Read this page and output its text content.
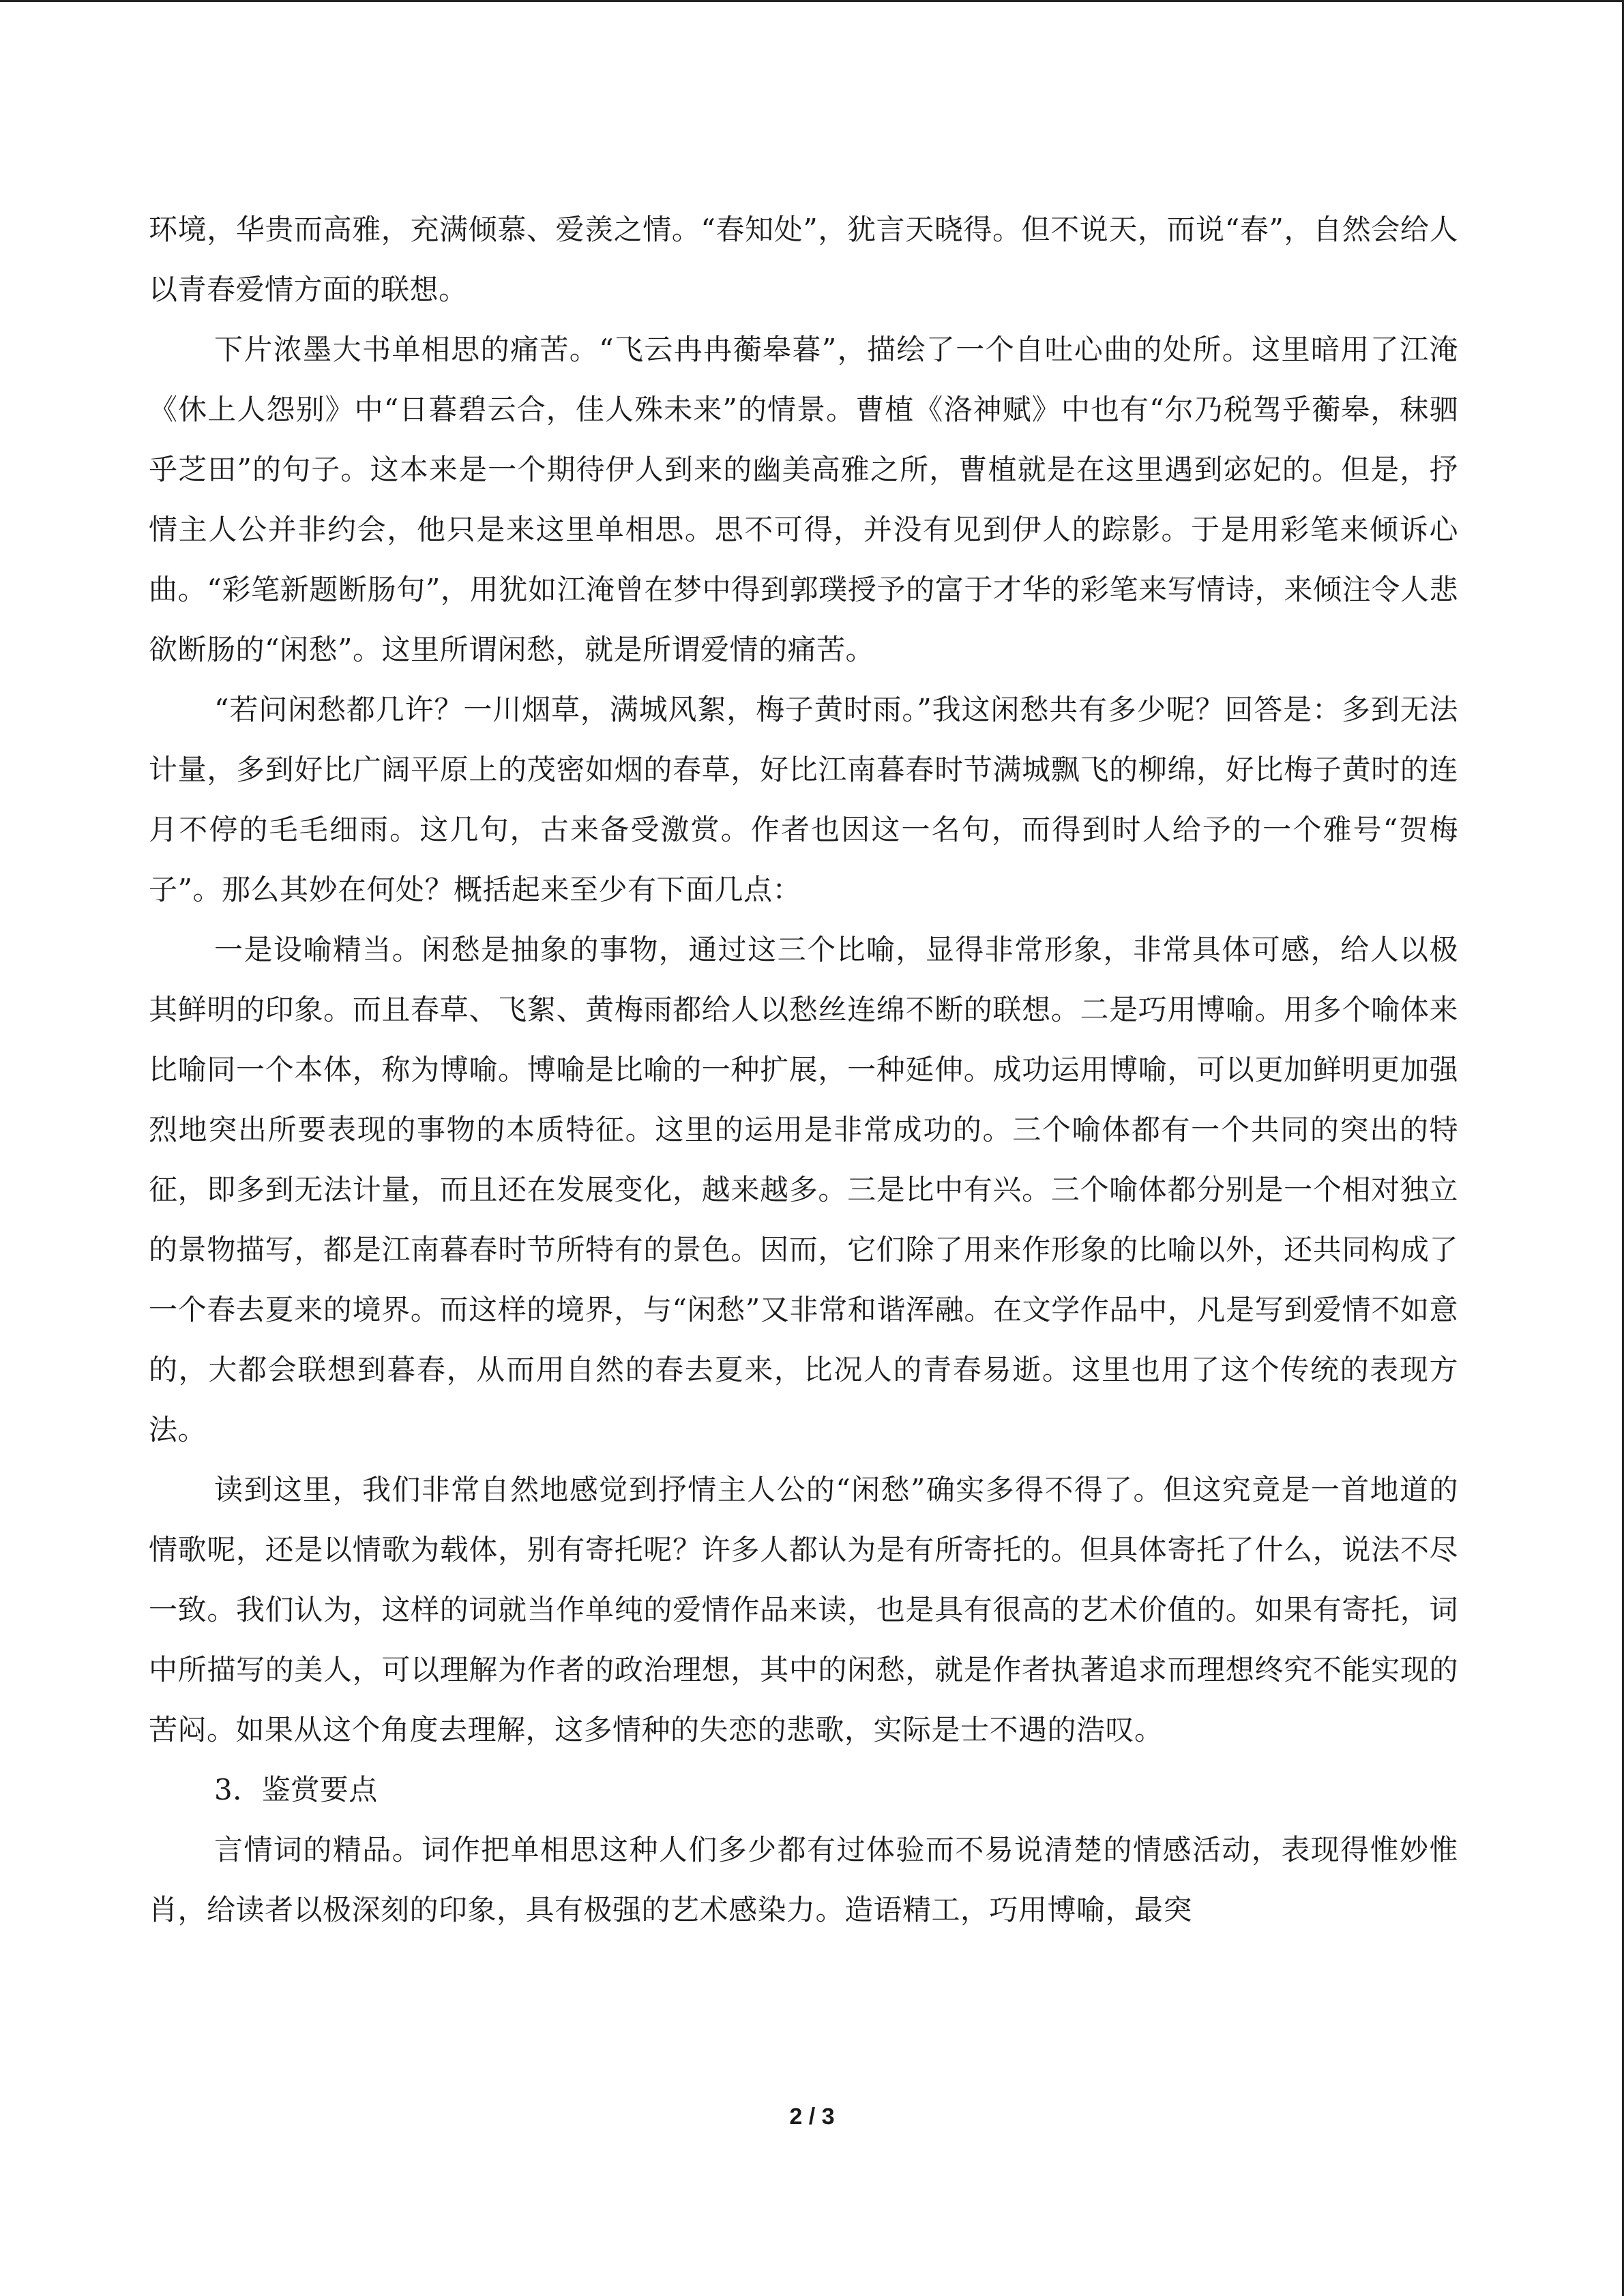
环境，华贵而高雅，充满倾慕、爱羡之情。“春知处”，犹言天晓得。但不说天，而说“春”，自然会给人以青春爱情方面的联想。

下片浓墨大书单相思的痛苦。“飞云冉冉蘅皋暮”，描绘了一个自吐心曲的处所。这里暗用了江淹《休上人怨别》中“日暮碧云合，佳人殊未来”的情景。曹植《洛神赋》中也有“尔乃税驾乎蘅皋，秣驷乎芝田”的句子。这本来是一个期待伊人到来的幽美高雅之所，曹植就是在这里遇到宓妃的。但是，抒情主人公并非约会，他只是来这里单相思。思不可得，并没有见到伊人的踪影。于是用彩笔来倾诉心曲。“彩笔新题断肠句”，用犹如江淹曾在梦中得到郭璞授予的富于才华的彩笔来写情诗，来倾注令人悲欲断肠的“闲愁”。这里所谓闲愁，就是所谓爱情的痛苦。

“若问闲愁都几许？一川烟草，满城风絮，梅子黄时雨。”我这闲愁共有多少呢？回答是：多到无法计量，多到好比广阔平原上的茂密如烟的春草，好比江南暮春时节满城飘飞的柳绵，好比梅子黄时的连月不停的毛毛细雨。这几句，古来备受激赏。作者也因这一名句，而得到时人给予的一个雅号“贺梅子”。那么其妙在何处？概括起来至少有下面几点：

一是设喻精当。闲愁是抽象的事物，通过这三个比喻，显得非常形象，非常具体可感，给人以极其鲜明的印象。而且春草、飞絮、黄梅雨都给人以愁丝连绵不断的联想。二是巧用博喻。用多个喻体来比喻同一个本体，称为博喻。博喻是比喻的一种扩展，一种延伸。成功运用博喻，可以更加鲜明更加强烈地突出所要表现的事物的本质特征。这里的运用是非常成功的。三个喻体都有一个共同的突出的特征，即多到无法计量，而且还在发展变化，越来越多。三是比中有兴。三个喻体都分别是一个相对独立的景物描写，都是江南暮春时节所特有的景色。因而，它们除了用来作形象的比喻以外，还共同构成了一个春去夏来的境界。而这样的境界，与“闲愁”又非常和谐浑融。在文学作品中，凡是写到爱情不如意的，大都会联想到暮春，从而用自然的春去夏来，比况人的青春易逝。这里也用了这个传统的表现方法。

读到这里，我们非常自然地感觉到抒情主人公的“闲愁”确实多得不得了。但这究竟是一首地道的情歌呢，还是以情歌为载体，别有寄托呢？许多人都认为是有所寄托的。但具体寄托了什么，说法不尽一致。我们认为，这样的词就当作单纯的爱情作品来读，也是具有很高的艺术价值的。如果有寄托，词中所描写的美人，可以理解为作者的政治理想，其中的闲愁，就是作者执著追求而理想终究不能实现的苦闷。如果从这个角度去理解，这多情种的失恋的悲歌，实际是士不遇的浩叹。

3．鉴赏要点

言情词的精品。词作把单相思这种人们多少都有过体验而不易说清楚的情感活动，表现得惟妙惟肖，给读者以极深刻的印象，具有极强的艺术感染力。造语精工，巧用博喻，最突

2 / 3
